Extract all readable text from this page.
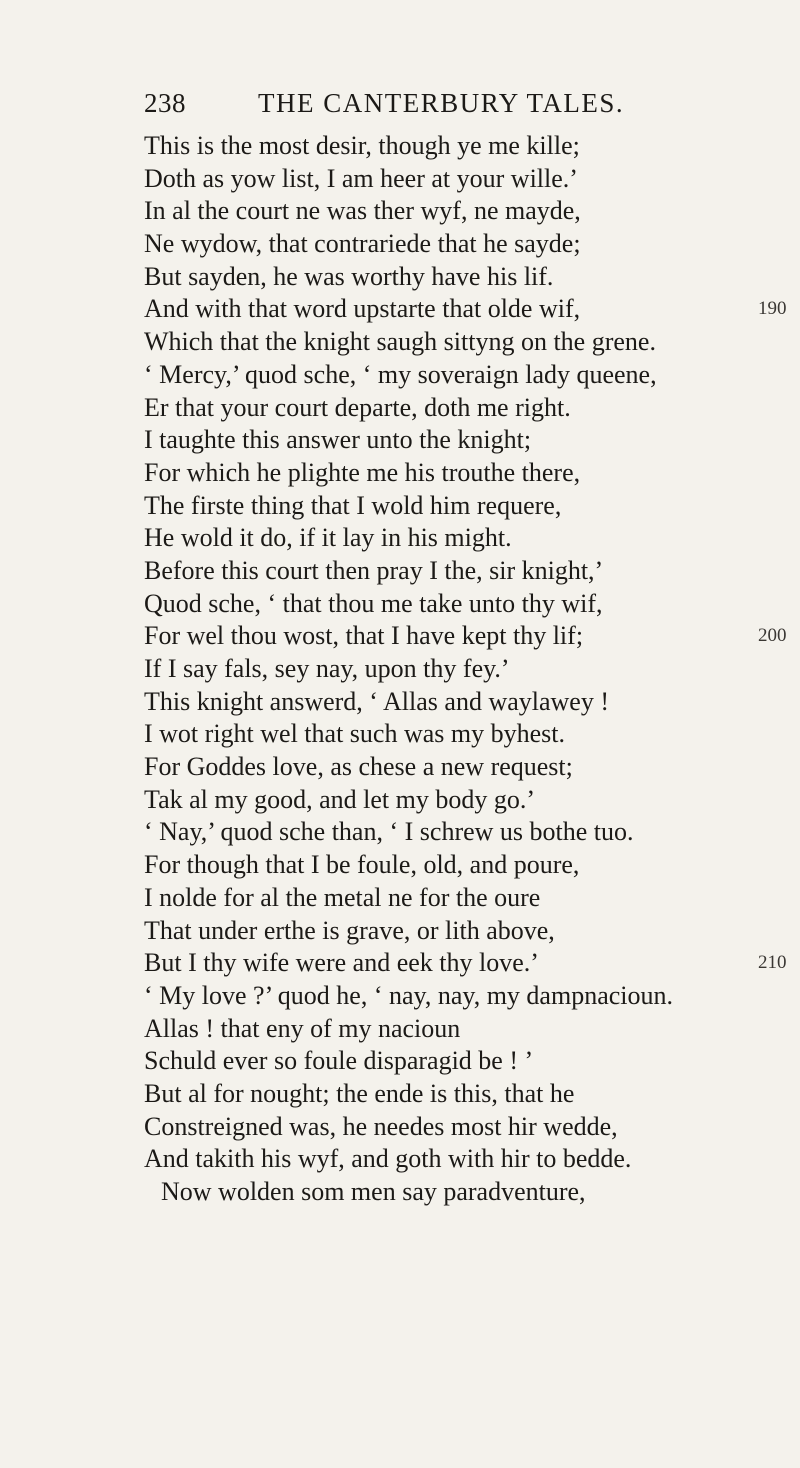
238	THE CANTERBURY TALES.
This is the most desir, though ye me kille;
Doth as yow list, I am heer at your wille.’
In al the court ne was ther wyf, ne mayde,
Ne wydow, that contrariede that he sayde;
But sayden, he was worthy have his lif.
And with that word upstarte that olde wif,	190
Which that the knight saugh sittyng on the grene.
‘ Mercy,’ quod sche, ‘ my soveraign lady queene,
Er that your court departe, doth me right.
I taughte this answer unto the knight;
For which he plighte me his trouthe there,
The firste thing that I wold him requere,
He wold it do, if it lay in his might.
Before this court then pray I the, sir knight,’
Quod sche, ‘ that thou me take unto thy wif,
For wel thou wost, that I have kept thy lif;	200
If I say fals, sey nay, upon thy fey.’
This knight answerd, ‘ Allas and waylawey !
I wot right wel that such was my byhest.
For Goddes love, as chese a new request;
Tak al my good, and let my body go.’
‘ Nay,’ quod sche than, ‘ I schrew us bothe tuo.
For though that I be foule, old, and poure,
I nolde for al the metal ne for the oure
That under erthe is grave, or lith above,
But I thy wife were and eek thy love.’	210
‘ My love ?’ quod he, ‘ nay, nay, my dampnacioun.
Allas ! that eny of my nacioun
Schuld ever so foule disparagid be ! ’
But al for nought; the ende is this, that he
Constreigned was, he needes most hir wedde,
And takith his wyf, and goth with hir to bedde.
Now wolden som men say paradventure,
